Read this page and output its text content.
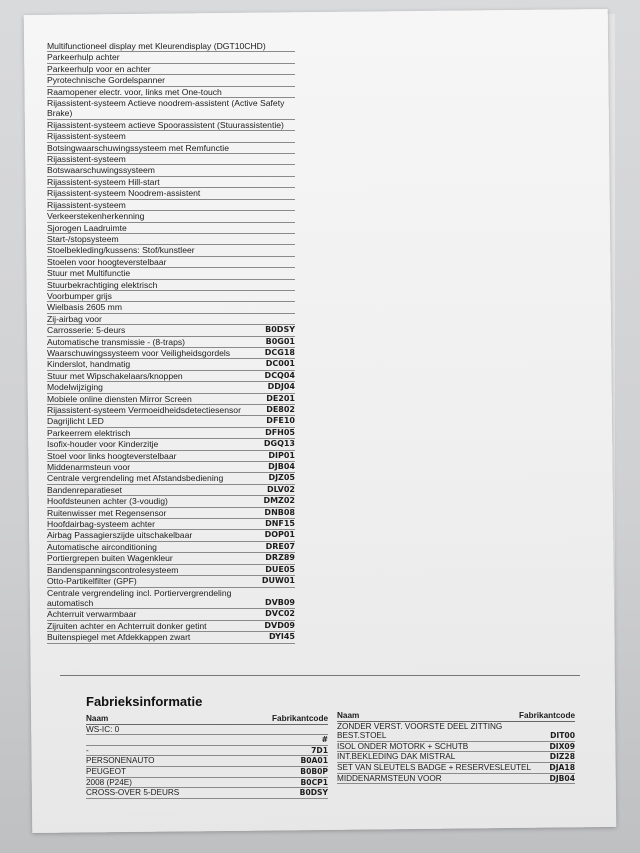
Multifunctioneel display met Kleurendisplay (DGT10CHD)
Parkeerhulp achter
Parkeerhulp voor en achter
Pyrotechnische Gordelspanner
Raamopener electr. voor, links met One-touch
Rijassistent-systeem Actieve noodrem-assistent (Active Safety Brake)
Rijassistent-systeem actieve Spoorassistent (Stuurassistentie)
Rijassistent-systeem
Botsingwaarschuwingssysteem met Remfunctie
Rijassistent-systeem
Botswaarschuwingssysteem
Rijassistent-systeem Hill-start
Rijassistent-systeem Noodrem-assistent
Rijassistent-systeem
Verkeerstekenherkenning
Sjorogen Laadruimte
Start-/stopsysteem
Stoelbekleding/kussens: Stof/kunstleer
Stoelen voor hoogteverstelbaar
Stuur met Multifunctie
Stuurbekrachtiging elektrisch
Voorbumper grijs
Wielbasis 2605 mm
Zij-airbag voor
Carrosserie: 5-deurs	B0DSY
Automatische transmissie - (8-traps)	B0G01
Waarschuwingssysteem voor Veiligheidsgordels	DCG18
Kinderslot, handmatig	DC001
Stuur met Wipschakelaars/knoppen	DCQ04
Modelwijziging	DDJ04
Mobiele online diensten Mirror Screen	DE201
Rijassistent-systeem Vermoeidheidsdetectiesensor	DE802
Dagrijlicht LED	DFE10
Parkeerrem elektrisch	DFH05
Isofix-houder voor Kinderzitje	DGQ13
Stoel voor links hoogteverstelbaar	DIP01
Middenarmsteun voor	DJB04
Centrale vergrendeling met Afstandsbediening	DJZ05
Bandenreparatieset	DLV02
Hoofdsteunen achter (3-voudig)	DMZ02
Ruitenwisser met Regensensor	DNB08
Hoofdairbag-systeem achter	DNF15
Airbag Passagierszijde uitschakelbaar	DOP01
Automatische airconditioning	DRE07
Portiergrepen buiten Wagenkleur	DRZ89
Bandenspanningscontrolesysteem	DUE05
Otto-Partikelfilter (GPF)	DUW01
Centrale vergrendeling incl. Portiervergrendeling automatisch	DVB09
Achterruit verwarmbaar	DVC02
Zijruiten achter en Achterruit donker getint	DVD09
Buitenspiegel met Afdekkappen zwart	DYI45
Fabrieksinformatie
Naam	Fabrikantcode
WS-IC: 0
#
-	7D1
PERSONENAUTO	B0A01
PEUGEOT	B0B0P
2008 (P24E)	B0CP1
CROSS-OVER 5-DEURS	B0DSY
Naam	Fabrikantcode
ZONDER VERST. VOORSTE DEEL ZITTING BEST.STOEL	DIT00
ISOL ONDER MOTORK + SCHUTB	DIX09
INT.BEKLEDING DAK MISTRAL	DIZ28
SET VAN SLEUTELS BADGE + RESERVESLEUTEL	DJA18
MIDDENARMSTEUN VOOR	DJB04
